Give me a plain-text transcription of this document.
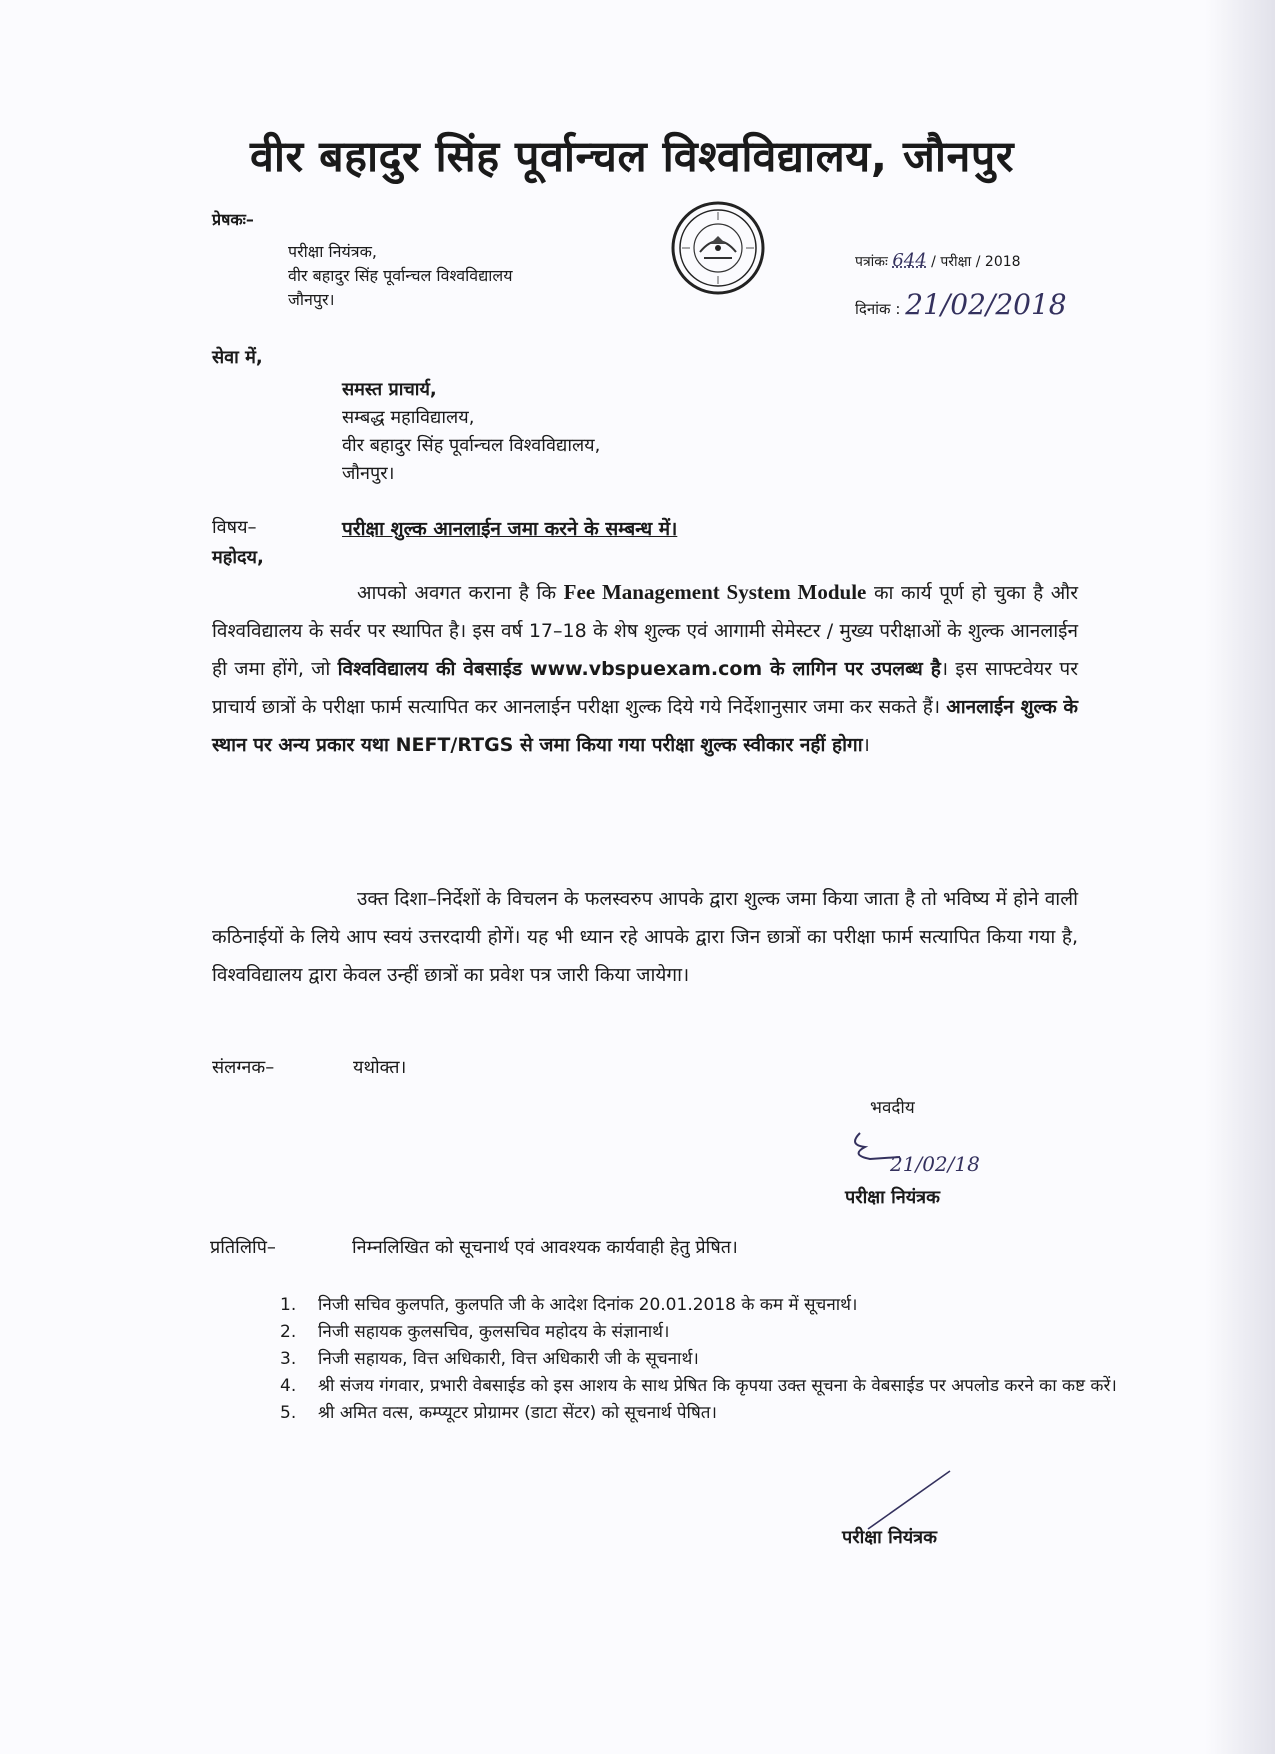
वीर बहादुर सिंह पूर्वान्चल विश्वविद्यालय, जौनपुर
प्रेषकः–
परीक्षा नियंत्रक,
वीर बहादुर सिंह पूर्वान्चल विश्वविद्यालय
जौनपुर।
पत्रांकः 644 / परीक्षा / 2018
दिनांक : 21/02/2018
सेवा में,
समस्त प्राचार्य,
सम्बद्ध महाविद्यालय,
वीर बहादुर सिंह पूर्वान्चल विश्वविद्यालय,
जौनपुर।
विषय–	परीक्षा शुल्क आनलाईन जमा करने के सम्बन्ध में।
महोदय,

आपको अवगत कराना है कि Fee Management System Module का कार्य पूर्ण हो चुका है और विश्वविद्यालय के सर्वर पर स्थापित है। इस वर्ष 17–18 के शेष शुल्क एवं आगामी सेमेस्टर / मुख्य परीक्षाओं के शुल्क आनलाईन ही जमा होंगे, जो विश्वविद्यालय की वेबसाईड www.vbspuexam.com के लागिन पर उपलब्ध है। इस साफ्टवेयर पर प्राचार्य छात्रों के परीक्षा फार्म सत्यापित कर आनलाईन परीक्षा शुल्क दिये गये निर्देशानुसार जमा कर सकते हैं। आनलाईन शुल्क के स्थान पर अन्य प्रकार यथा NEFT/RTGS से जमा किया गया परीक्षा शुल्क स्वीकार नहीं होगा।

उक्त दिशा–निर्देशों के विचलन के फलस्वरुप आपके द्वारा शुल्क जमा किया जाता है तो भविष्य में होने वाली कठिनाईयों के लिये आप स्वयं उत्तरदायी होगें। यह भी ध्यान रहे आपके द्वारा जिन छात्रों का परीक्षा फार्म सत्यापित किया गया है, विश्वविद्यालय द्वारा केवल उन्हीं छात्रों का प्रवेश पत्र जारी किया जायेगा।

संलग्नक–	यथोक्त।
भवदीय
21/02/18
परीक्षा नियंत्रक
प्रतिलिपि–	निम्नलिखित को सूचनार्थ एवं आवश्यक कार्यवाही हेतु प्रेषित।
1.	निजी सचिव कुलपति, कुलपति जी के आदेश दिनांक 20.01.2018 के कम में सूचनार्थ।
2.	निजी सहायक कुलसचिव, कुलसचिव महोदय के संज्ञानार्थ।
3.	निजी सहायक, वित्त अधिकारी, वित्त अधिकारी जी के सूचनार्थ।
4.	श्री संजय गंगवार, प्रभारी वेबसाईड को इस आशय के साथ प्रेषित कि कृपया उक्त सूचना के वेबसाईड पर अपलोड करने का कष्ट करें।
5.	श्री अमित वत्स, कम्प्यूटर प्रोग्रामर (डाटा सेंटर) को सूचनार्थ पेषित।
परीक्षा नियंत्रक
